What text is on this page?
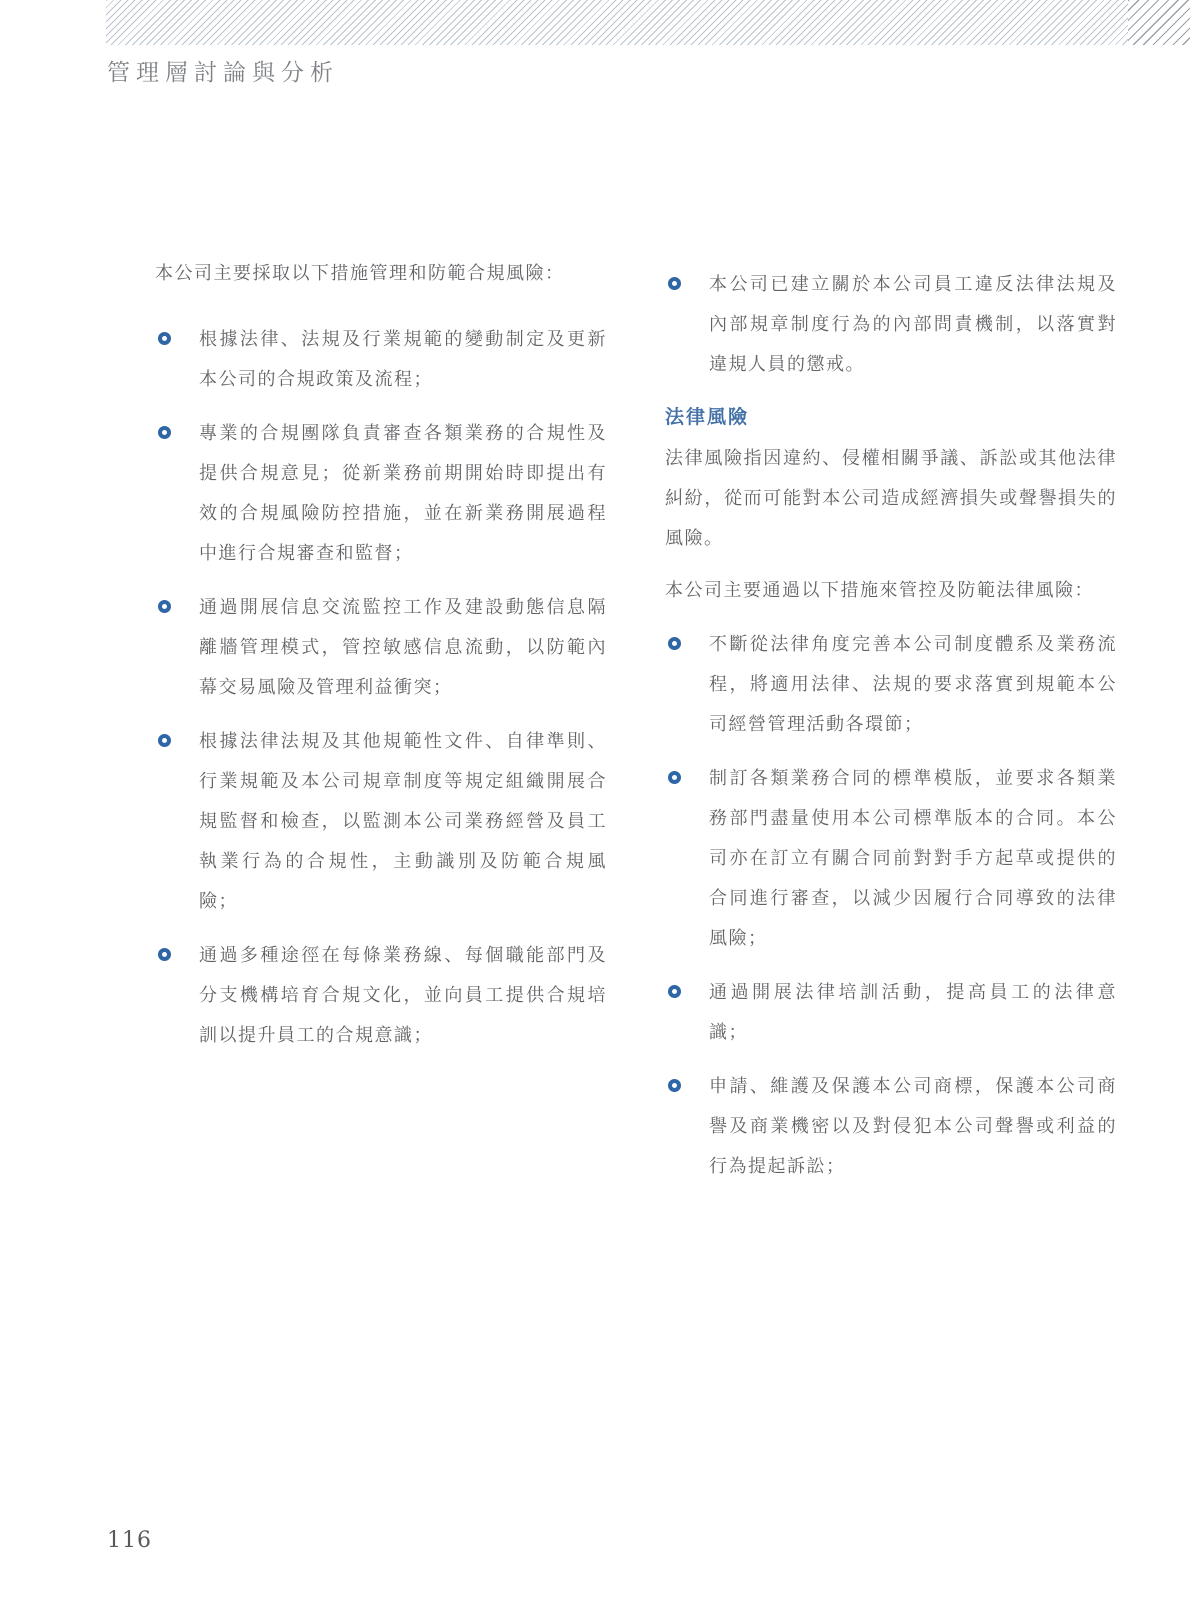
管理層討論與分析

本公司主要採取以下措施管理和防範合規風險：

根據法律、法規及行業規範的變動制定及更新本公司的合規政策及流程；
專業的合規團隊負責審查各類業務的合規性及提供合規意見；從新業務前期開始時即提出有效的合規風險防控措施，並在新業務開展過程中進行合規審查和監督；
通過開展信息交流監控工作及建設動態信息隔離牆管理模式，管控敏感信息流動，以防範內幕交易風險及管理利益衝突；
根據法律法規及其他規範性文件、自律準則、行業規範及本公司規章制度等規定組織開展合規監督和檢查，以監測本公司業務經營及員工執業行為的合規性，主動識別及防範合規風險；
通過多種途徑在每條業務線、每個職能部門及分支機構培育合規文化，並向員工提供合規培訓以提升員工的合規意識；
本公司已建立關於本公司員工違反法律法規及內部規章制度行為的內部問責機制，以落實對違規人員的懲戒。
法律風險

法律風險指因違約、侵權相關爭議、訴訟或其他法律糾紛，從而可能對本公司造成經濟損失或聲譽損失的風險。

本公司主要通過以下措施來管控及防範法律風險：

不斷從法律角度完善本公司制度體系及業務流程，將適用法律、法規的要求落實到規範本公司經營管理活動各環節；
制訂各類業務合同的標準模版，並要求各類業務部門盡量使用本公司標準版本的合同。本公司亦在訂立有關合同前對對手方起草或提供的合同進行審查，以減少因履行合同導致的法律風險；
通過開展法律培訓活動，提高員工的法律意識；
申請、維護及保護本公司商標，保護本公司商譽及商業機密以及對侵犯本公司聲譽或利益的行為提起訴訟；
116
